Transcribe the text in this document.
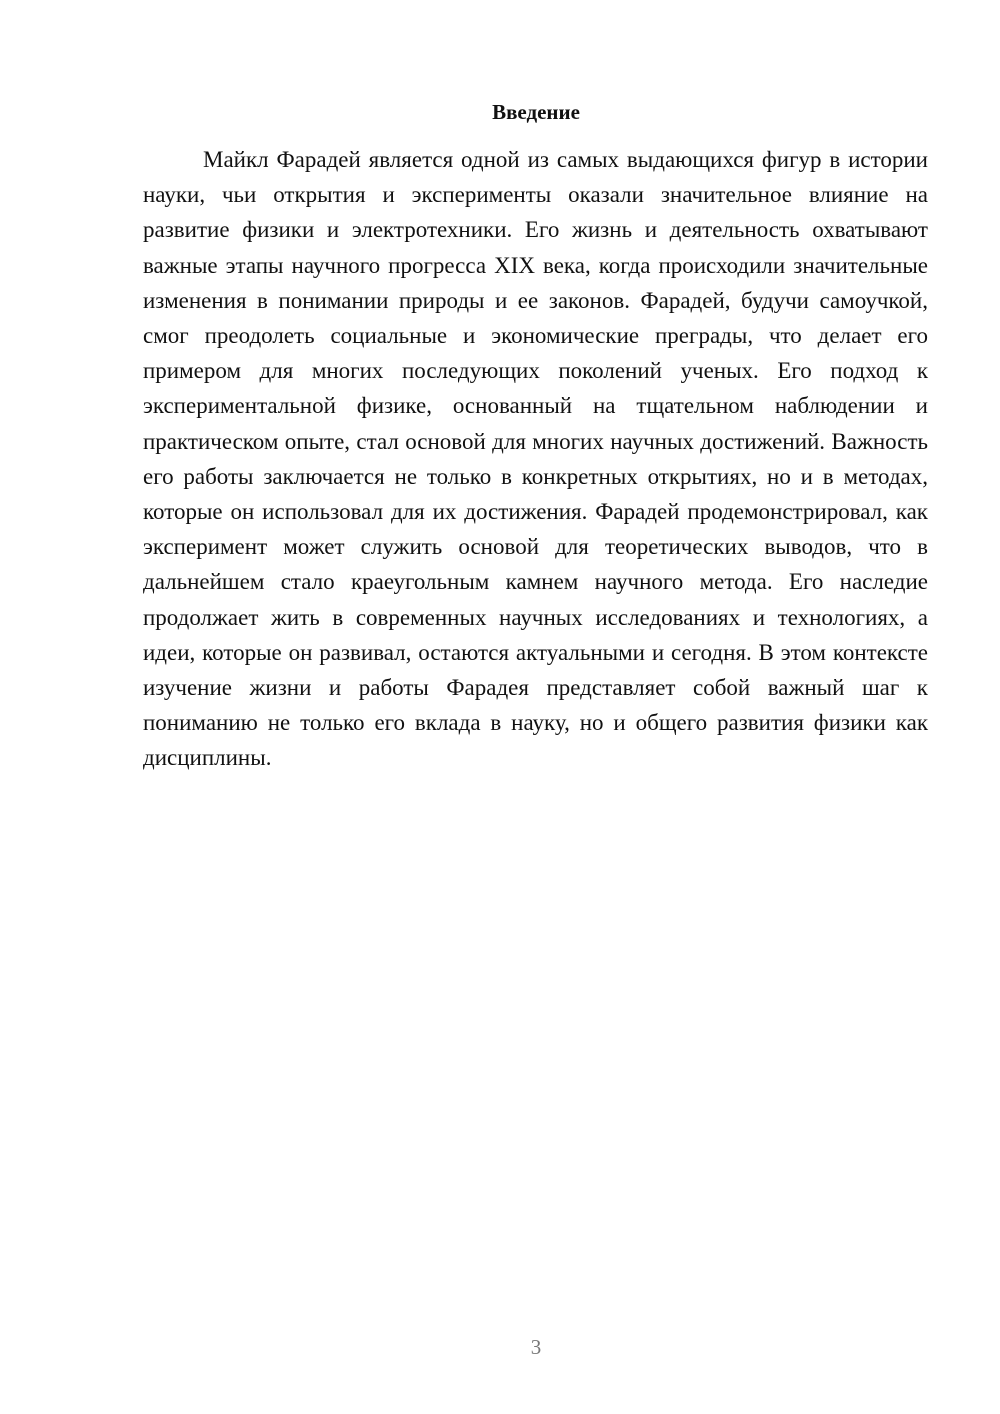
Введение

Майкл Фарадей является одной из самых выдающихся фигур в истории науки, чьи открытия и эксперименты оказали значительное влияние на развитие физики и электротехники. Его жизнь и деятельность охватывают важные этапы научного прогресса XIX века, когда происходили значительные изменения в понимании природы и ее законов. Фарадей, будучи самоучкой, смог преодолеть социальные и экономические преграды, что делает его примером для многих последующих поколений ученых. Его подход к экспериментальной физике, основанный на тщательном наблюдении и практическом опыте, стал основой для многих научных достижений. Важность его работы заключается не только в конкретных открытиях, но и в методах, которые он использовал для их достижения. Фарадей продемонстрировал, как эксперимент может служить основой для теоретических выводов, что в дальнейшем стало краеугольным камнем научного метода. Его наследие продолжает жить в современных научных исследованиях и технологиях, а идеи, которые он развивал, остаются актуальными и сегодня. В этом контексте изучение жизни и работы Фарадея представляет собой важный шаг к пониманию не только его вклада в науку, но и общего развития физики как дисциплины.

3
